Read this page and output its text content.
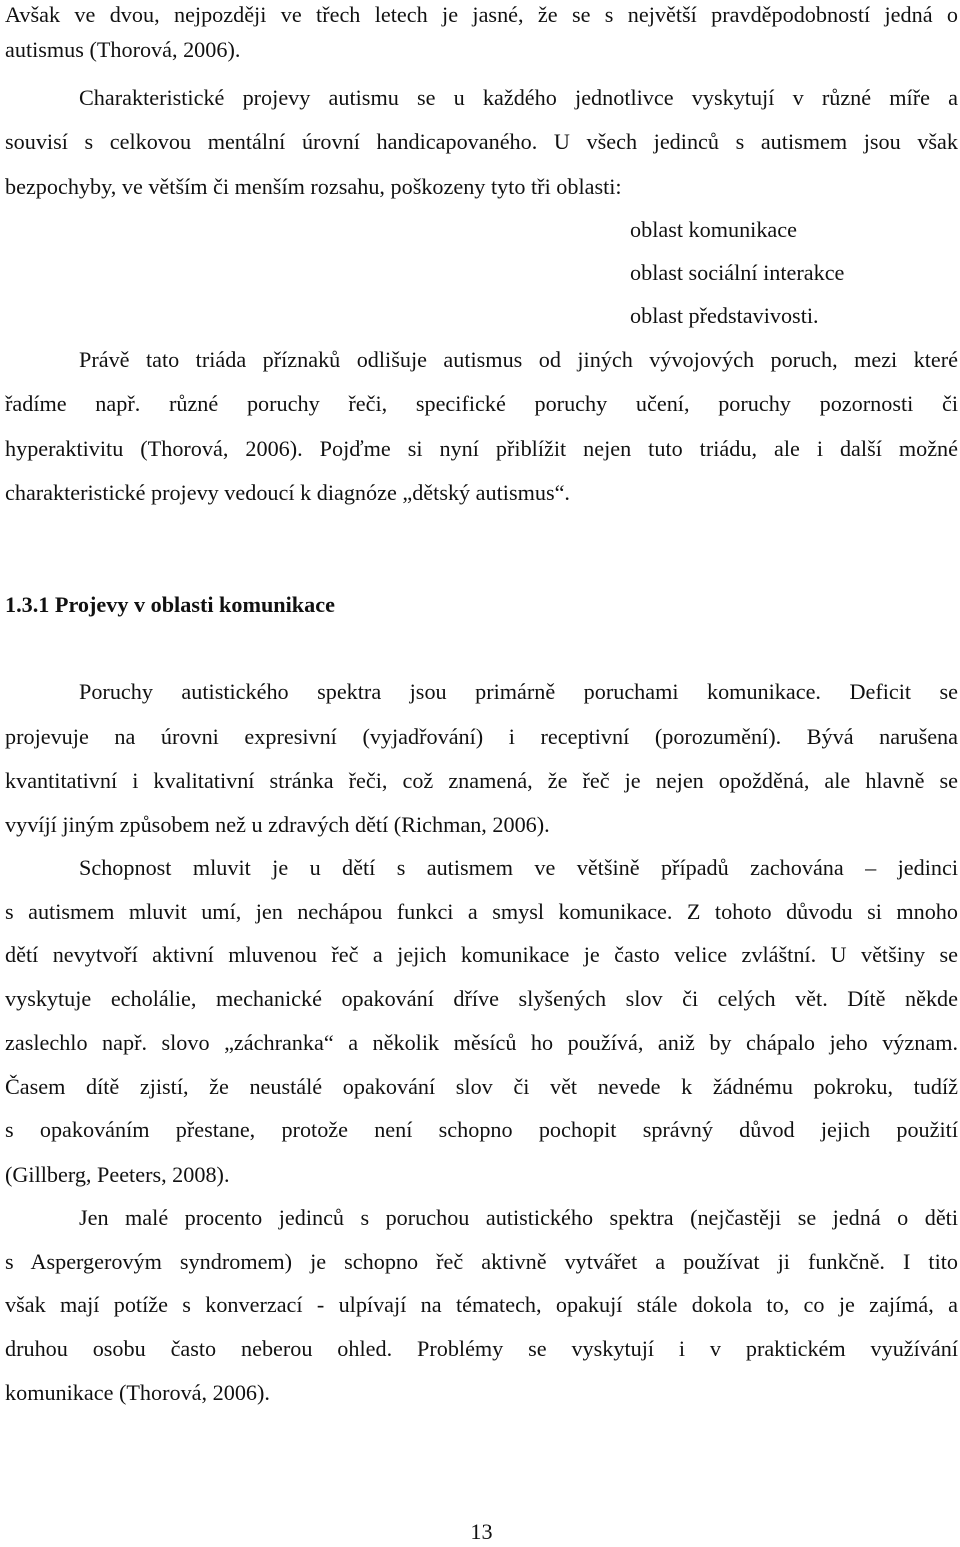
Avšak ve dvou, nejpozději ve třech letech je jasné, že se s největší pravděpodobností jedná o
autismus (Thorová, 2006).
Charakteristické projevy autismu se u každého jednotlivce vyskytují v různé míře a
souvisí s celkovou mentální úrovní handicapovaného. U všech jedinců s autismem jsou však
bezpochyby, ve větším či menším rozsahu, poškozeny tyto tři oblasti:
oblast komunikace
oblast sociální interakce
oblast představivosti.
Právě tato triáda příznaků odlišuje autismus od jiných vývojových poruch, mezi které
řadíme např. různé poruchy řeči, specifické poruchy učení, poruchy pozornosti či
hyperaktivitu (Thorová, 2006). Pojďme si nyní přiblížit nejen tuto triádu, ale i další možné
charakteristické projevy vedoucí k diagnóze „dětský autismus“.
1.3.1 Projevy v oblasti komunikace
Poruchy autistického spektra jsou primárně poruchami komunikace. Deficit se
projevuje na úrovni expresivní (vyjadřování) i receptivní (porozumění). Bývá narušena
kvantitativní i kvalitativní stránka řeči, což znamená, že řeč je nejen opožděná, ale hlavně se
vyvíjí jiným způsobem než u zdravých dětí (Richman, 2006).
Schopnost mluvit je u dětí s autismem ve většině případů zachována – jedinci
s autismem mluvit umí, jen nechápou funkci a smysl komunikace. Z tohoto důvodu si mnoho
dětí nevytvoří aktivní mluvenou řeč a jejich komunikace je často velice zvláštní. U většiny se
vyskytuje echolálie, mechanické opakování dříve slyšených slov či celých vět. Dítě někde
zaslechlo např. slovo „záchranka“ a několik měsíců ho používá, aniž by chápalo jeho význam.
Časem dítě zjistí, že neustálé opakování slov či vět nevede k žádnému pokroku, tudíž
s opakováním přestane, protože není schopno pochopit správný důvod jejich použití
(Gillberg, Peeters, 2008).
Jen malé procento jedinců s poruchou autistického spektra (nejčastěji se jedná o děti
s Aspergerovým syndromem) je schopno řeč aktivně vytvářet a používat ji funkčně. I tito
však mají potíže s konverzací - ulpívají na tématech, opakují stále dokola to, co je zajímá, a
druhou osobu často neberou ohled. Problémy se vyskytují i v praktickém využívání
komunikace (Thorová, 2006).
13
